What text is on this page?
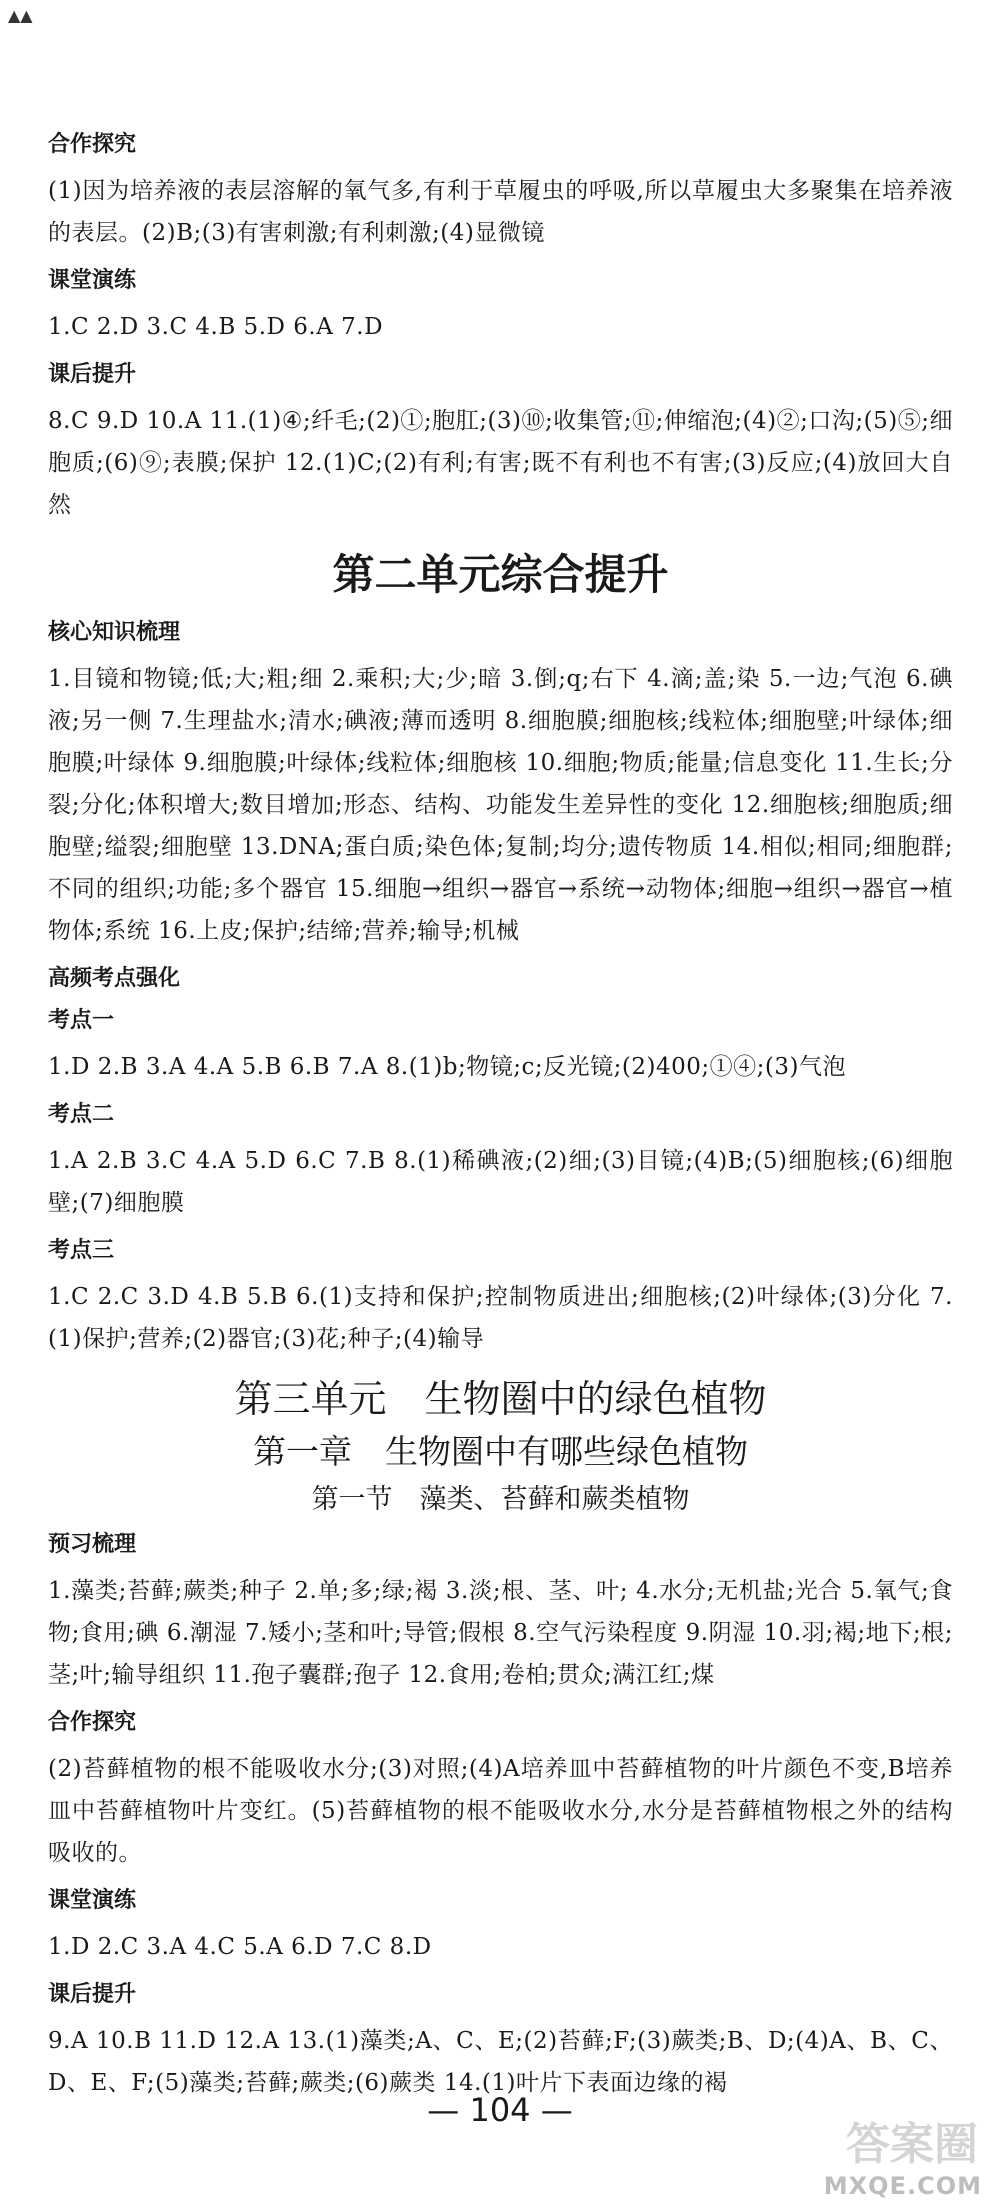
▲▲
合作探究
(1)因为培养液的表层溶解的氧气多,有利于草履虫的呼吸,所以草履虫大多聚集在培养液的表层。(2)B;(3)有害刺激;有利刺激;(4)显微镜
课堂演练
1.C 2.D 3.C 4.B 5.D 6.A 7.D
课后提升
8.C 9.D 10.A 11.(1)④;纤毛;(2)①;胞肛;(3)⑩;收集管;⑪;伸缩泡;(4)②;口沟;(5)⑤;细胞质;(6)⑨;表膜;保护 12.(1)C;(2)有利;有害;既不有利也不有害;(3)反应;(4)放回大自然
第二单元综合提升
核心知识梳理
1.目镜和物镜;低;大;粗;细 2.乘积;大;少;暗 3.倒;q;右下 4.滴;盖;染 5.一边;气泡 6.碘液;另一侧 7.生理盐水;清水;碘液;薄而透明 8.细胞膜;细胞核;线粒体;细胞壁;叶绿体;细胞膜;叶绿体 9.细胞膜;叶绿体;线粒体;细胞核 10.细胞;物质;能量;信息变化 11.生长;分裂;分化;体积增大;数目增加;形态、结构、功能发生差异性的变化 12.细胞核;细胞质;细胞壁;缢裂;细胞壁 13.DNA;蛋白质;染色体;复制;均分;遗传物质 14.相似;相同;细胞群;不同的组织;功能;多个器官 15.细胞→组织→器官→系统→动物体;细胞→组织→器官→植物体;系统 16.上皮;保护;结缔;营养;输导;机械
高频考点强化
考点一
1.D 2.B 3.A 4.A 5.B 6.B 7.A 8.(1)b;物镜;c;反光镜;(2)400;①④;(3)气泡
考点二
1.A 2.B 3.C 4.A 5.D 6.C 7.B 8.(1)稀碘液;(2)细;(3)目镜;(4)B;(5)细胞核;(6)细胞壁;(7)细胞膜
考点三
1.C 2.C 3.D 4.B 5.B 6.(1)支持和保护;控制物质进出;细胞核;(2)叶绿体;(3)分化 7.(1)保护;营养;(2)器官;(3)花;种子;(4)输导
第三单元　生物圈中的绿色植物
第一章　生物圈中有哪些绿色植物
第一节　藻类、苔藓和蕨类植物
预习梳理
1.藻类;苔藓;蕨类;种子 2.单;多;绿;褐 3.淡;根、茎、叶; 4.水分;无机盐;光合 5.氧气;食物;食用;碘 6.潮湿 7.矮小;茎和叶;导管;假根 8.空气污染程度 9.阴湿 10.羽;褐;地下;根;茎;叶;输导组织 11.孢子囊群;孢子 12.食用;卷柏;贯众;满江红;煤
合作探究
(2)苔藓植物的根不能吸收水分;(3)对照;(4)A培养皿中苔藓植物的叶片颜色不变,B培养皿中苔藓植物叶片变红。(5)苔藓植物的根不能吸收水分,水分是苔藓植物根之外的结构吸收的。
课堂演练
1.D 2.C 3.A 4.C 5.A 6.D 7.C 8.D
课后提升
9.A 10.B 11.D 12.A 13.(1)藻类;A、C、E;(2)苔藓;F;(3)蕨类;B、D;(4)A、B、C、D、E、F;(5)藻类;苔藓;蕨类;(6)蕨类 14.(1)叶片下表面边缘的褐
— 104 —
答案圈
MXQE.COM
